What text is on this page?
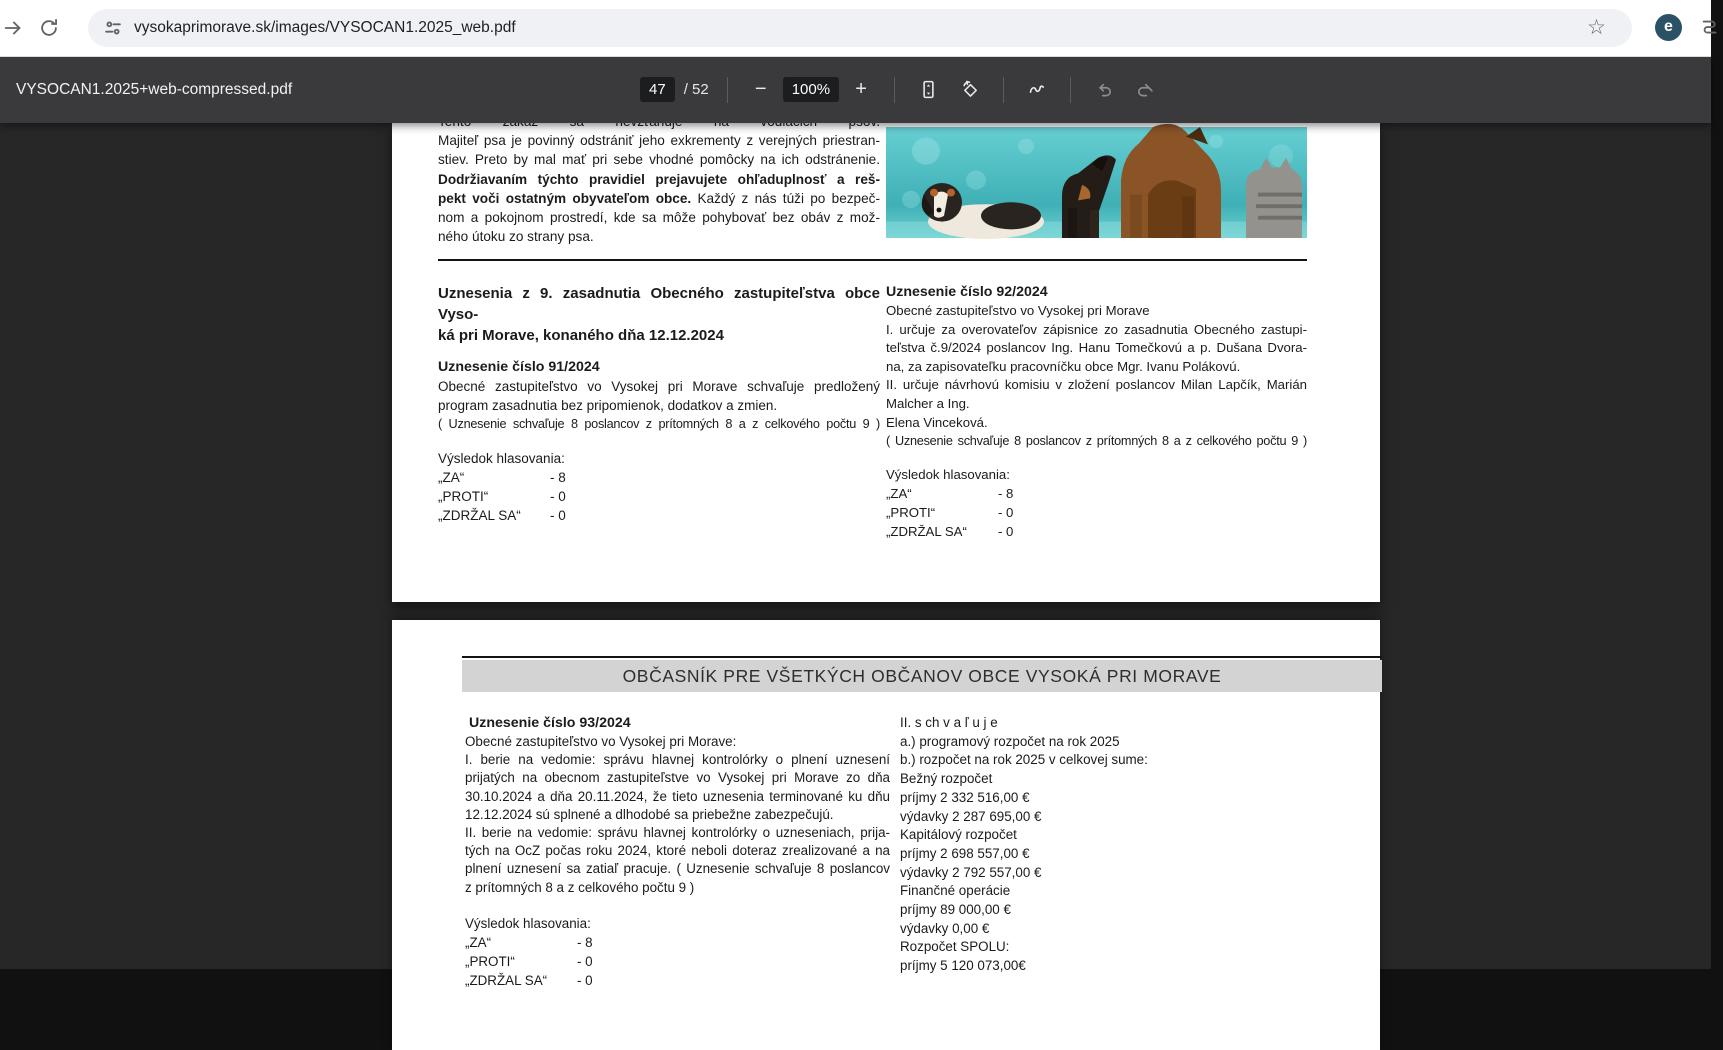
vysokaprimorave.sk/images/VYSOCAN1.2025_web.pdf	☆	e
VYSOCAN1.2025+web-compressed.pdf	47	/ 52	−	100%	+
Majiteľ psa je povinný odstrániť jeho exkrementy z verejných priestran-
stiev. Preto by mal mať pri sebe vhodné pomôcky na ich odstránenie.
Dodržiavaním týchto pravidiel prejavujete ohľaduplnosť a reš-
pekt voči ostatným obyvateľom obce. Každý z nás túži po bezpeč-
nom a pokojnom prostredí, kde sa môže pohybovať bez obáv z mož-
ného útoku zo strany psa.
Uznesenia z 9. zasadnutia Obecného zastupiteľstva obce Vyso-
ká pri Morave, konaného dňa 12.12.2024
Uznesenie číslo 91/2024
Obecné zastupiteľstvo vo Vysokej pri Morave schvaľuje predložený
program zasadnutia bez pripomienok, dodatkov a zmien.
( Uznesenie schvaľuje 8 poslancov z prítomných 8 a z celkového počtu 9 )
Výsledok hlasovania:
„ZA“	- 8
„PROTI“	- 0
„ZDRŽAL SA“ - 0
Uznesenie číslo 92/2024
Obecné zastupiteľstvo vo Vysokej pri Morave
I. určuje za overovateľov zápisnice zo zasadnutia Obecného zastupi-
teľstva č.9/2024 poslancov Ing. Hanu Tomečkovú a p. Dušana Dvora-
na, za zapisovateľku pracovníčku obce Mgr. Ivanu Polákovú.
II. určuje návrhovú komisiu v zložení poslancov Milan Lapčík, Marián
Malcher a Ing.
Elena Vinceková.
( Uznesenie schvaľuje 8 poslancov z prítomných 8 a z celkového počtu 9 )
Výsledok hlasovania:
„ZA“	- 8
„PROTI“	- 0
„ZDRŽAL SA“ - 0
OBČASNÍK PRE VŠETKÝCH OBČANOV OBCE VYSOKÁ PRI MORAVE
Uznesenie číslo 93/2024
Obecné zastupiteľstvo vo Vysokej pri Morave:
I. berie na vedomie: správu hlavnej kontrolórky o plnení uznesení
prijatých na obecnom zastupiteľstve vo Vysokej pri Morave zo dňa
30.10.2024 a dňa 20.11.2024, že tieto uznesenia terminované ku dňu
12.12.2024 sú splnené a dlhodobé sa priebežne zabezpečujú.
II. berie na vedomie: správu hlavnej kontrolórky o uzneseniach, prija-
tých na OcZ počas roku 2024, ktoré neboli doteraz zrealizované a na
plnení uznesení sa zatiaľ pracuje. ( Uznesenie schvaľuje 8 poslancov
z prítomných 8 a z celkového počtu 9 )
Výsledok hlasovania:
„ZA“	- 8
„PROTI“	- 0
„ZDRŽAL SA“ - 0
II. s ch v a ľ u j e
a.) programový rozpočet na rok 2025
b.) rozpočet na rok 2025 v celkovej sume:
Bežný rozpočet
príjmy 2 332 516,00 €
výdavky 2 287 695,00 €
Kapitálový rozpočet
príjmy 2 698 557,00 €
výdavky 2 792 557,00 €
Finančné operácie
príjmy 89 000,00 €
výdavky 0,00 €
Rozpočet SPOLU:
príjmy 5 120 073,00€
